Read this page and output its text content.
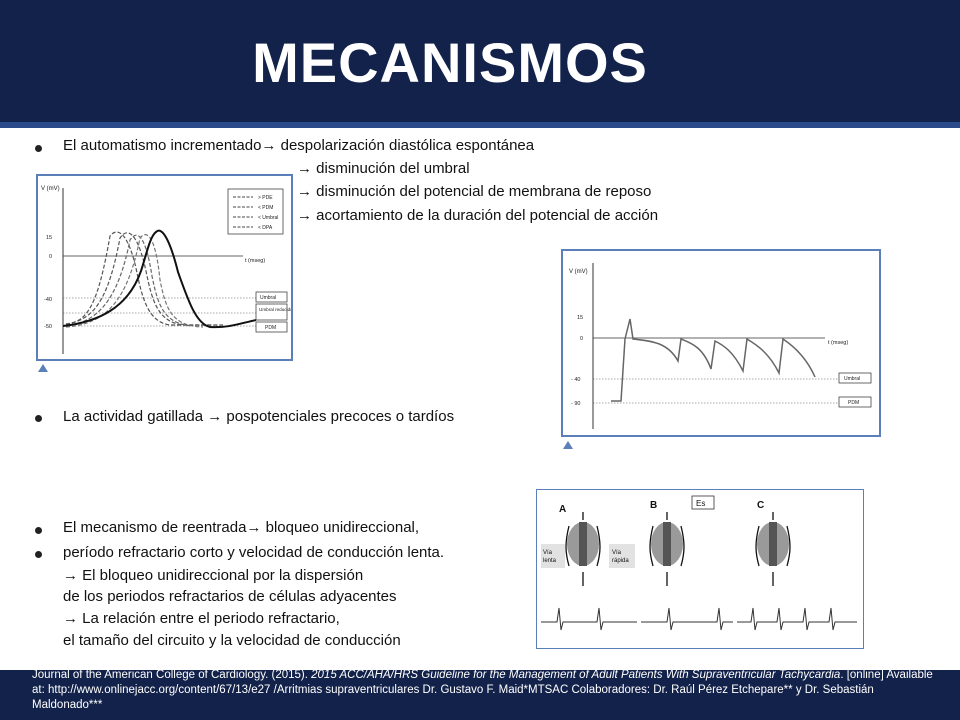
MECANISMOS
El automatismo incrementado→ despolarización diastólica espontánea
→ disminución del umbral
→ disminución del potencial de membrana de reposo
→ acortamiento de la duración del potencial de acción
V (mV)
t (mseg)
15
0
-40
-50
> PDE
< PDM
< Umbral
< DPA
Umbral
Umbral reducido
PDM
V (mV)
t (mseg)
15
0
- 40
- 90
Umbral
PDM
La actividad gatillada → pospotenciales precoces o tardíos
A	B	C
Es
Vía
lenta
Vía
rápida
El mecanismo de reentrada→ bloqueo unidireccional,
período refractario corto y velocidad de conducción lenta.
→ El bloqueo unidireccional por la dispersión
de los periodos refractarios de células adyacentes
→ La relación entre el periodo refractario,
el tamaño del circuito y la velocidad de conducción
Journal of the American College of Cardiology. (2015). 2015 ACC/AHA/HRS Guideline for the Management of Adult Patients With Supraventricular Tachycardia. [online] Available at: http://www.onlinejacc.org/content/67/13/e27 /Arritmias supraventriculares Dr. Gustavo F. Maid*MTSAC Colaboradores: Dr. Raúl Pérez Etchepare** y Dr. Sebastián Maldonado***
